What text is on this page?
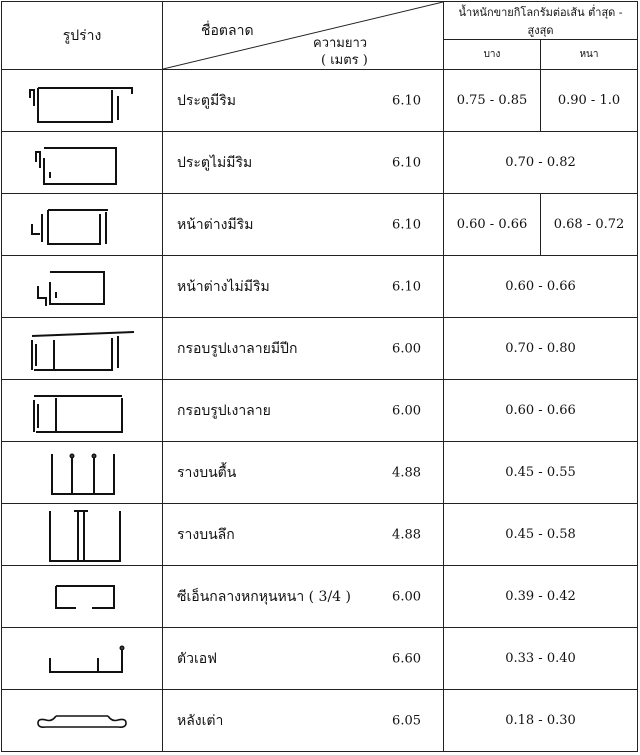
รูปร่าง	ชื่อตลาด
ความยาว
( เมตร )	น้ำหนักขายกิโลกรัมต่อเส้น ต่ำสุด - สูงสุด	
		บาง	หนา

ประตูมีริม 6.10	0.75 - 0.85	0.90 - 1.0

ประตูไม่มีริม 6.10	0.70 - 0.82	

หน้าต่างมีริม 6.10	0.60 - 0.66	0.68 - 0.72

หน้าต่างไม่มีริม 6.10	0.60 - 0.66	

กรอบรูปเงาลายมีปีก 6.00	0.70 - 0.80	

กรอบรูปเงาลาย 6.00	0.60 - 0.66	

รางบนตื้น 4.88	0.45 - 0.55	

รางบนลึก 4.88	0.45 - 0.58	

ซีเอ็นกลางหกหุนหนา ( 3/4 ) 6.00	0.39 - 0.42	

ตัวเอฟ 6.60	0.33 - 0.40	

หลังเต่า 6.05	0.18 - 0.30	
